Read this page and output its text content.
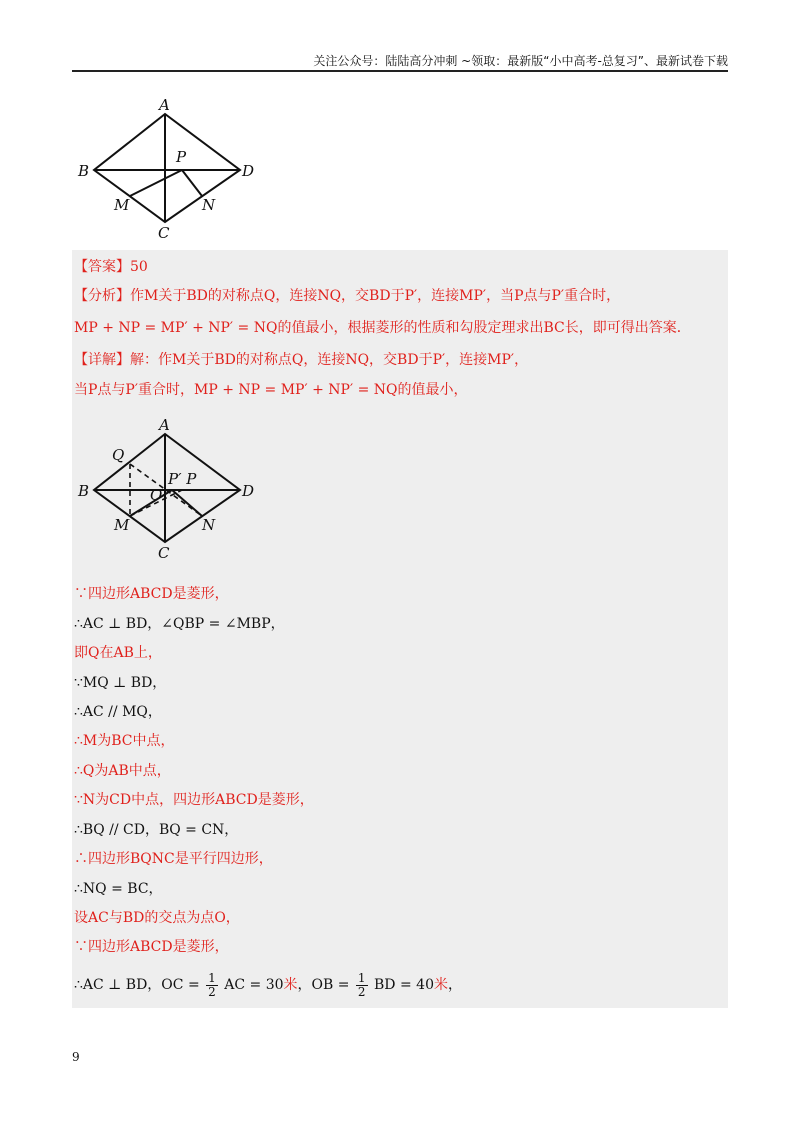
关注公众号：陆陆高分冲刺 ~领取：最新版“小中高考-总复习”、最新试卷下载
A
B	D
C
P
M	N
【答案】50
【分析】作M关于BD的对称点Q，连接NQ，交BD于P′，连接MP′，当P点与P′重合时，
MP + NP = MP′ + NP′ = NQ的值最小，根据菱形的性质和勾股定理求出BC长，即可得出答案．
【详解】解：作M关于BD的对称点Q，连接NQ，交BD于P′，连接MP′，
当P点与P′重合时，MP + NP = MP′ + NP′ = NQ的值最小，
A
Q
B	D
O
P′ P
M	N
C
∵四边形ABCD是菱形，
∴AC ⊥ BD，∠QBP = ∠MBP，
即Q在AB上，
∵MQ ⊥ BD，
∴AC // MQ，
∴M为BC中点，
∴Q为AB中点，
∵N为CD中点，四边形ABCD是菱形，
∴BQ // CD，BQ = CN，
∴四边形BQNC是平行四边形，
∴NQ = BC，
设AC与BD的交点为点O，
∵四边形ABCD是菱形，
∴AC ⊥ BD，OC = $\frac{1}{2}$ AC = 30米，OB = $\frac{1}{2}$ BD = 40米，
9
